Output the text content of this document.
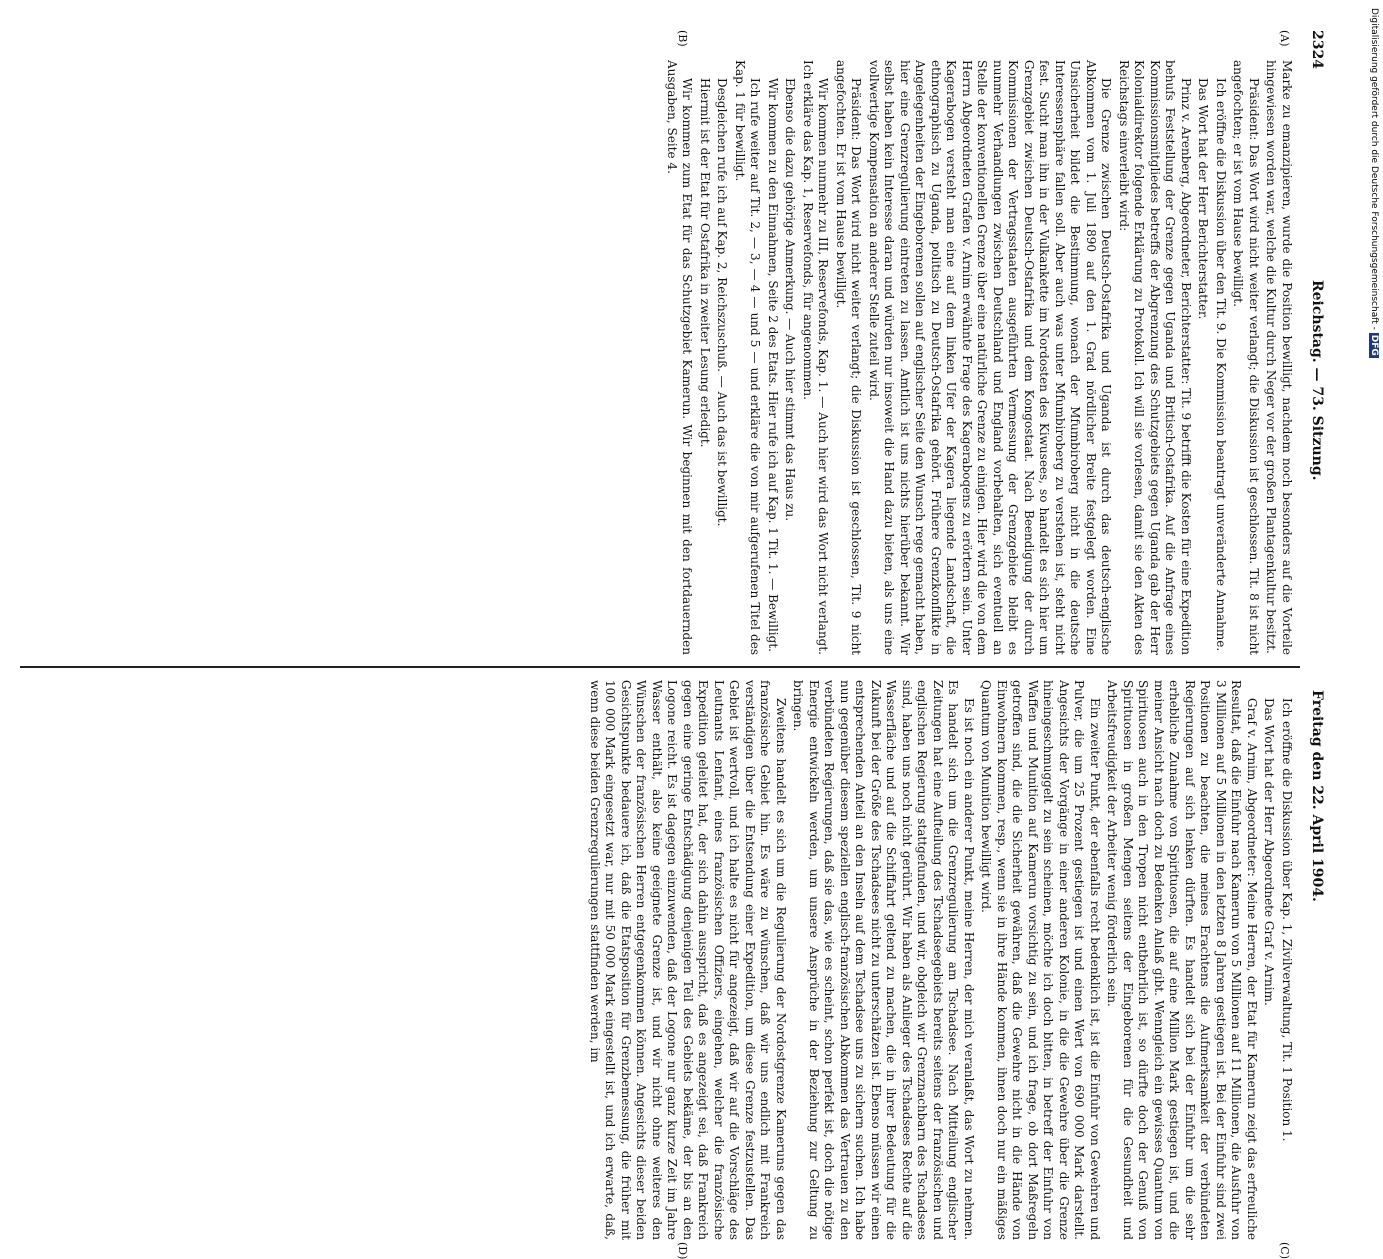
2324
Reichstag. — 73. Sitzung.
Freitag den 22. April 1904.
(A)
(B)
(C)
(D)

Marke zu emanzipieren, wurde die Position bewilligt, nachdem noch besonders auf die Vorteile hingewiesen worden war, welche die Kultur durch Neger vor der großen Plantagenkultur besitzt.

Präsident: Das Wort wird nicht weiter verlangt; die Diskussion ist geschlossen. Tit. 8 ist nicht angefochten; er ist vom Hause bewilligt.

Ich eröffne die Diskussion über den Tit. 9. Die Kommission beantragt unveränderte Annahme.

Das Wort hat der Herr Berichterstatter.

Prinz v. Arenberg, Abgeordneter, Berichterstatter: Tit. 9 betrifft die Kosten für eine Expedition behufs Feststellung der Grenze gegen Uganda und Britisch-Ostafrika. Auf die Anfrage eines Kommissionsmitgliedes betreffs der Abgrenzung des Schutzgebiets gegen Uganda gab der Herr Kolonialdirektor folgende Erklärung zu Protokoll. Ich will sie vorlesen, damit sie den Akten des Reichstags einverleibt wird:

Die Grenze zwischen Deutsch-Ostafrika und Uganda ist durch das deutsch-englische Abkommen vom 1. Juli 1890 auf den 1. Grad nördlicher Breite festgelegt worden. Eine Unsicherheit bildet die Bestimmung, wonach der Mfumbiroberg nicht in die deutsche Interessensphäre fallen soll. Aber auch was unter Mfumbiroberg zu verstehen ist, steht nicht fest. Sucht man ihn in der Vulkankette im Nordosten des Kiwusees, so handelt es sich hier um Grenzgebiet zwischen Deutsch-Ostafrika und dem Kongostaat. Nach Beendigung der durch Kommissionen der Vertragsstaaten ausgeführten Vermessung der Grenzgebiete bleibt es nunmehr Verhandlungen zwischen Deutschland und England vorbehalten, sich eventuell an Stelle der konventionellen Grenze über eine natürliche Grenze zu einigen. Hier wird die von dem Herrn Abgeordneten Grafen v. Arnim erwähnte Frage des Kageraboqens zu erörtern sein. Unter Kagerabogen versteht man eine auf dem linken Ufer der Kagera liegende Landschaft, die ethnographisch zu Uganda, politisch zu Deutsch-Ostafrika gehört. Frühere Grenzkonflikte in Angelegenheiten der Eingeborenen sollen auf englischer Seite den Wunsch rege gemacht haben, hier eine Grenzregulierung eintreten zu lassen. Amtlich ist uns nichts hierüber bekannt. Wir selbst haben kein Interesse daran und würden nur insoweit die Hand dazu bieten, als uns eine vollwertige Kompensation an anderer Stelle zuteil wird.

Präsident: Das Wort wird nicht weiter verlangt; die Diskussion ist geschlossen, Tit. 9 nicht angefochten. Er ist vom Hause bewilligt.

Wir kommen nunmehr zu III, Reservefonds, Kap. 1. — Auch hier wird das Wort nicht verlangt. Ich erkläre das Kap. 1, Reservefonds, für angenommen.

Ebenso die dazu gehörige Anmerkung. — Auch hier stimmt das Haus zu.

Wir kommen zu den Einnahmen, Seite 2 des Etats. Hier rufe ich auf Kap. 1 Tit. 1. — Bewilligt.

Ich rufe weiter auf Tit. 2, — 3, — 4 — und 5 — und erkläre die von mir aufgerufenen Titel des Kap. 1 für bewilligt.

Desgleichen rufe ich auf Kap. 2, Reichszuschuß. — Auch das ist bewilligt.

Hiermit ist der Etat für Ostafrika in zweiter Lesung erledigt.

Wir kommen zum Etat für das Schutzgebiet Kamerun. Wir beginnen mit den fortdauernden Ausgaben, Seite 4.

Ich eröffne die Diskussion über Kap. 1, Zivilverwaltung, Tit. 1 Position 1.

Das Wort hat der Herr Abgeordnete Graf v. Arnim.

Graf v. Arnim, Abgeordneter: Meine Herren, der Etat für Kamerun zeigt das erfreuliche Resultat, daß die Einfuhr nach Kamerun von 5 Millionen auf 11 Millionen, die Ausfuhr von 3 Millionen auf 5 Millionen in den letzten 8 Jahren gestiegen ist. Bei der Einfuhr sind zwei Positionen zu beachten, die meines Erachtens die Aufmerksamkeit der verbündeten Regierungen auf sich lenken dürften. Es handelt sich bei der Einfuhr um die sehr erhebliche Zunahme von Spirituosen, die auf eine Million Mark gestiegen ist, und die meiner Ansicht nach doch zu Bedenken Anlaß gibt. Wenngleich ein gewisses Quantum von Spirituosen auch in den Tropen nicht entbehrlich ist, so dürfte doch der Genuß von Spirituosen in großen Mengen seitens der Eingeborenen für die Gesundheit und Arbeitsfreudigkeit der Arbeiter wenig förderlich sein.

Ein zweiter Punkt, der ebenfalls recht bedenklich ist, ist die Einfuhr von Gewehren und Pulver, die um 25 Prozent gestiegen ist und einen Wert von 690 000 Mark darstellt. Angesichts der Vorgänge in einer anderen Kolonie, in die die Gewehre über die Grenze hineingeschmuggelt zu sein scheinen, möchte ich doch bitten, in betreff der Einfuhr von Waffen und Munition auf Kamerun vorsichtig zu sein, und ich frage, ob dort Maßregeln getroffen sind, die die Sicherheit gewähren, daß die Gewehre nicht in die Hände von Einwohnern kommen, resp., wenn sie in ihre Hände kommen, ihnen doch nur ein mäßiges Quantum von Munition bewilligt wird.

Es ist noch ein anderer Punkt, meine Herren, der mich veranlaßt, das Wort zu nehmen. Es handelt sich um die Grenzregulierung am Tschadsee. Nach Mitteilung englischer Zeitungen hat eine Aufteilung des Tschadseegebiets bereits seitens der französischen und englischen Regierung stattgefunden, und wir, obgleich wir Grenznachbarn des Tschadsees sind, haben uns noch nicht gerührt. Wir haben als Anlieger des Tschadsees Rechte auf die Wasserfläche und auf die Schiffahrt geltend zu machen, die in ihrer Bedeutung für die Zukunft bei der Größe des Tschadsees nicht zu unterschätzen ist. Ebenso müssen wir einen entsprechenden Anteil an den Inseln auf dem Tschadsee uns zu sichern suchen. Ich habe nun gegenüber diesem speziellen englisch-französischen Abkommen das Vertrauen zu den verbündeten Regierungen, daß sie das, wie es scheint, schon perfekt ist, doch die nötige Energie entwickeln werden, um unsere Ansprüche in der Beziehung zur Geltung zu bringen.

Zweitens handelt es sich um die Regulierung der Nordostgrenze Kameruns gegen das französische Gebiet hin. Es wäre zu wünschen, daß wir uns endlich mit Frankreich verständigen über die Entsendung einer Expedition, um diese Grenze festzustellen. Das Gebiet ist wertvoll, und ich halte es nicht für angezeigt, daß wir auf die Vorschläge des Leutnants Lenfant, eines französischen Offiziers, eingehen, welcher die französische Expedition geleitet hat, der sich dahin ausspricht, daß es angezeigt sei, daß Frankreich gegen eine geringe Entschädigung denjenigen Teil des Gebiets bekäme, der bis an den Logone reicht. Es ist dagegen einzuwenden, daß der Logone nur ganz kurze Zeit im Jahre Wasser enthält, also keine geeignete Grenze ist, und wir nicht ohne weiteres den Wünschen der französischen Herren entgegenkommen können. Angesichts dieser beiden Gesichtspunkte bedauere ich, daß die Etatsposition für Grenzbemessung, die früher mit 100 000 Mark eingesetzt war, nur mit 50 000 Mark eingestellt ist, und ich erwarte, daß, wenn diese beiden Grenzregulierungen stattfinden werden, im

Digitalisierung gefördert durch die Deutsche Forschungsgemeinschaft - DFG
